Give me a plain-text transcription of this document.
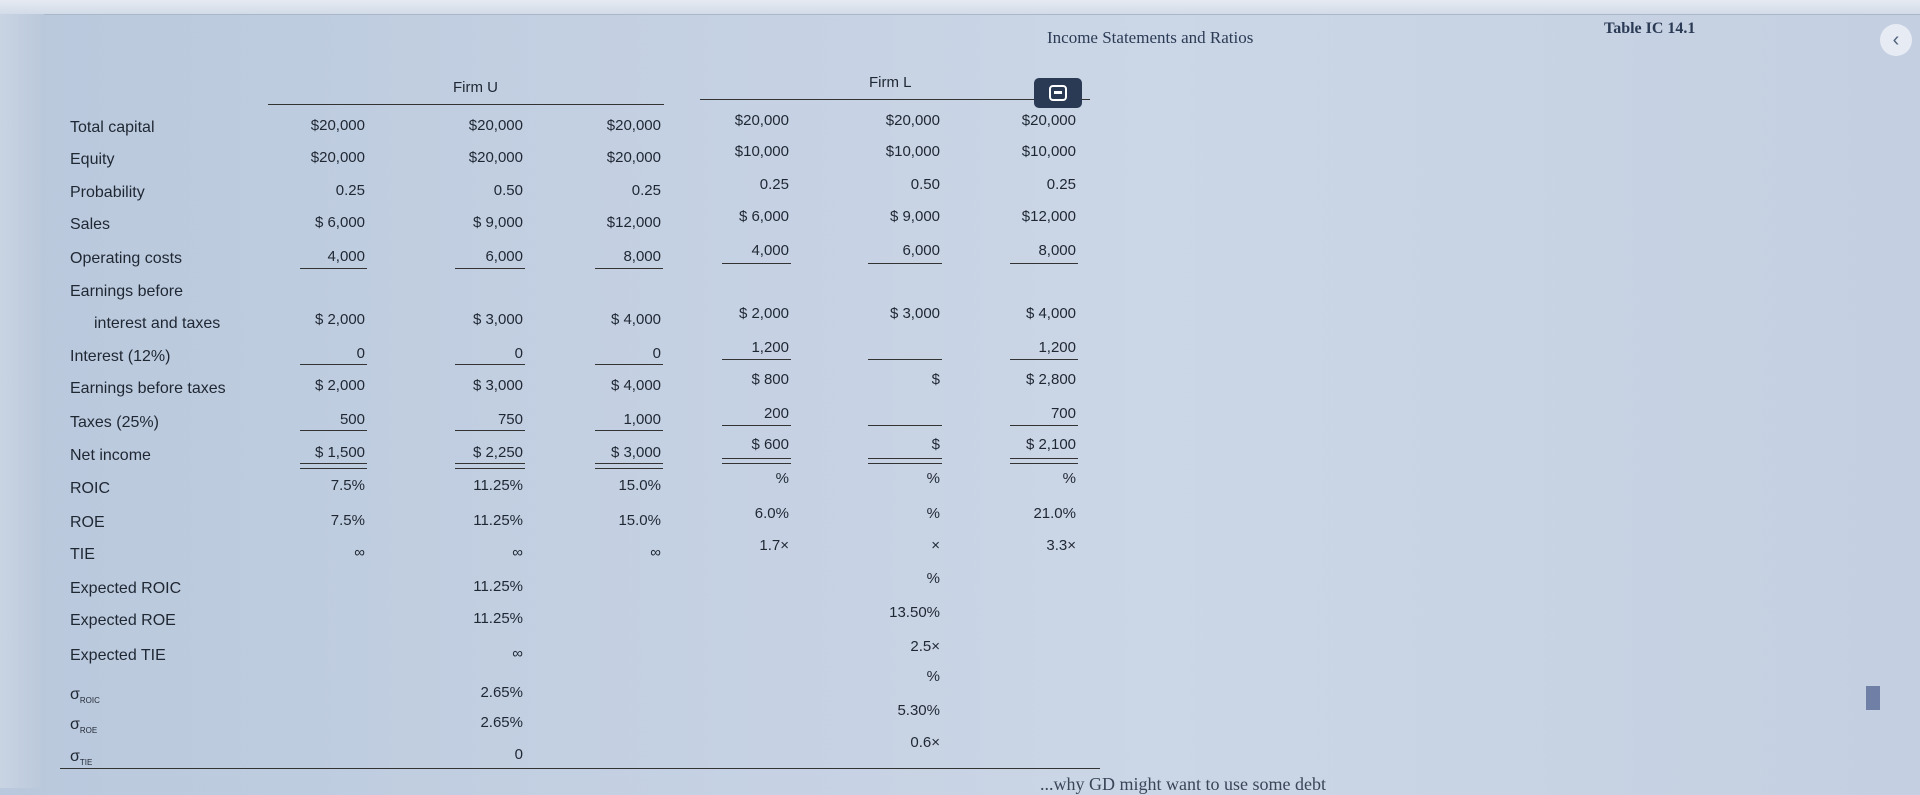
Income Statements and Ratios	Table IC 14.1
Firm U	Firm L
Total capital
Equity
Probability
Sales
Operating costs
Earnings before
interest and taxes
Interest (12%)
Earnings before taxes
Taxes (25%)
Net income
ROIC
ROE
TIE
Expected ROIC
Expected ROE
Expected TIE
$\sigma_{ROIC}$
$\sigma_{ROE}$
$\sigma_{TIE}$
$20,000
$20,000
0.25
$ 6,000
4,000
$ 2,000
0
$ 2,000
500
$ 1,500
7.5%
7.5%
∞
$20,000
$20,000
0.50
$ 9,000
6,000
$ 3,000
0
$ 3,000
750
$ 2,250
11.25%
11.25%
∞
11.25%
11.25%
∞
2.65%
2.65%
0
$20,000
$20,000
0.25
$12,000
8,000
$ 4,000
0
$ 4,000
1,000
$ 3,000
15.0%
15.0%
∞
$20,000
$10,000
0.25
$ 6,000
4,000
$ 2,000
1,200
$ 800
200
$ 600
%
6.0%
1.7×
$20,000
$10,000
0.50
$ 9,000
6,000
$ 3,000
$
$
%
%
×
%
13.50%
2.5×
%
5.30%
0.6×
$20,000
$10,000
0.25
$12,000
8,000
$ 4,000
1,200
$ 2,800
700
$ 2,100
%
21.0%
3.3×
...why GD might want to use some debt
‹
